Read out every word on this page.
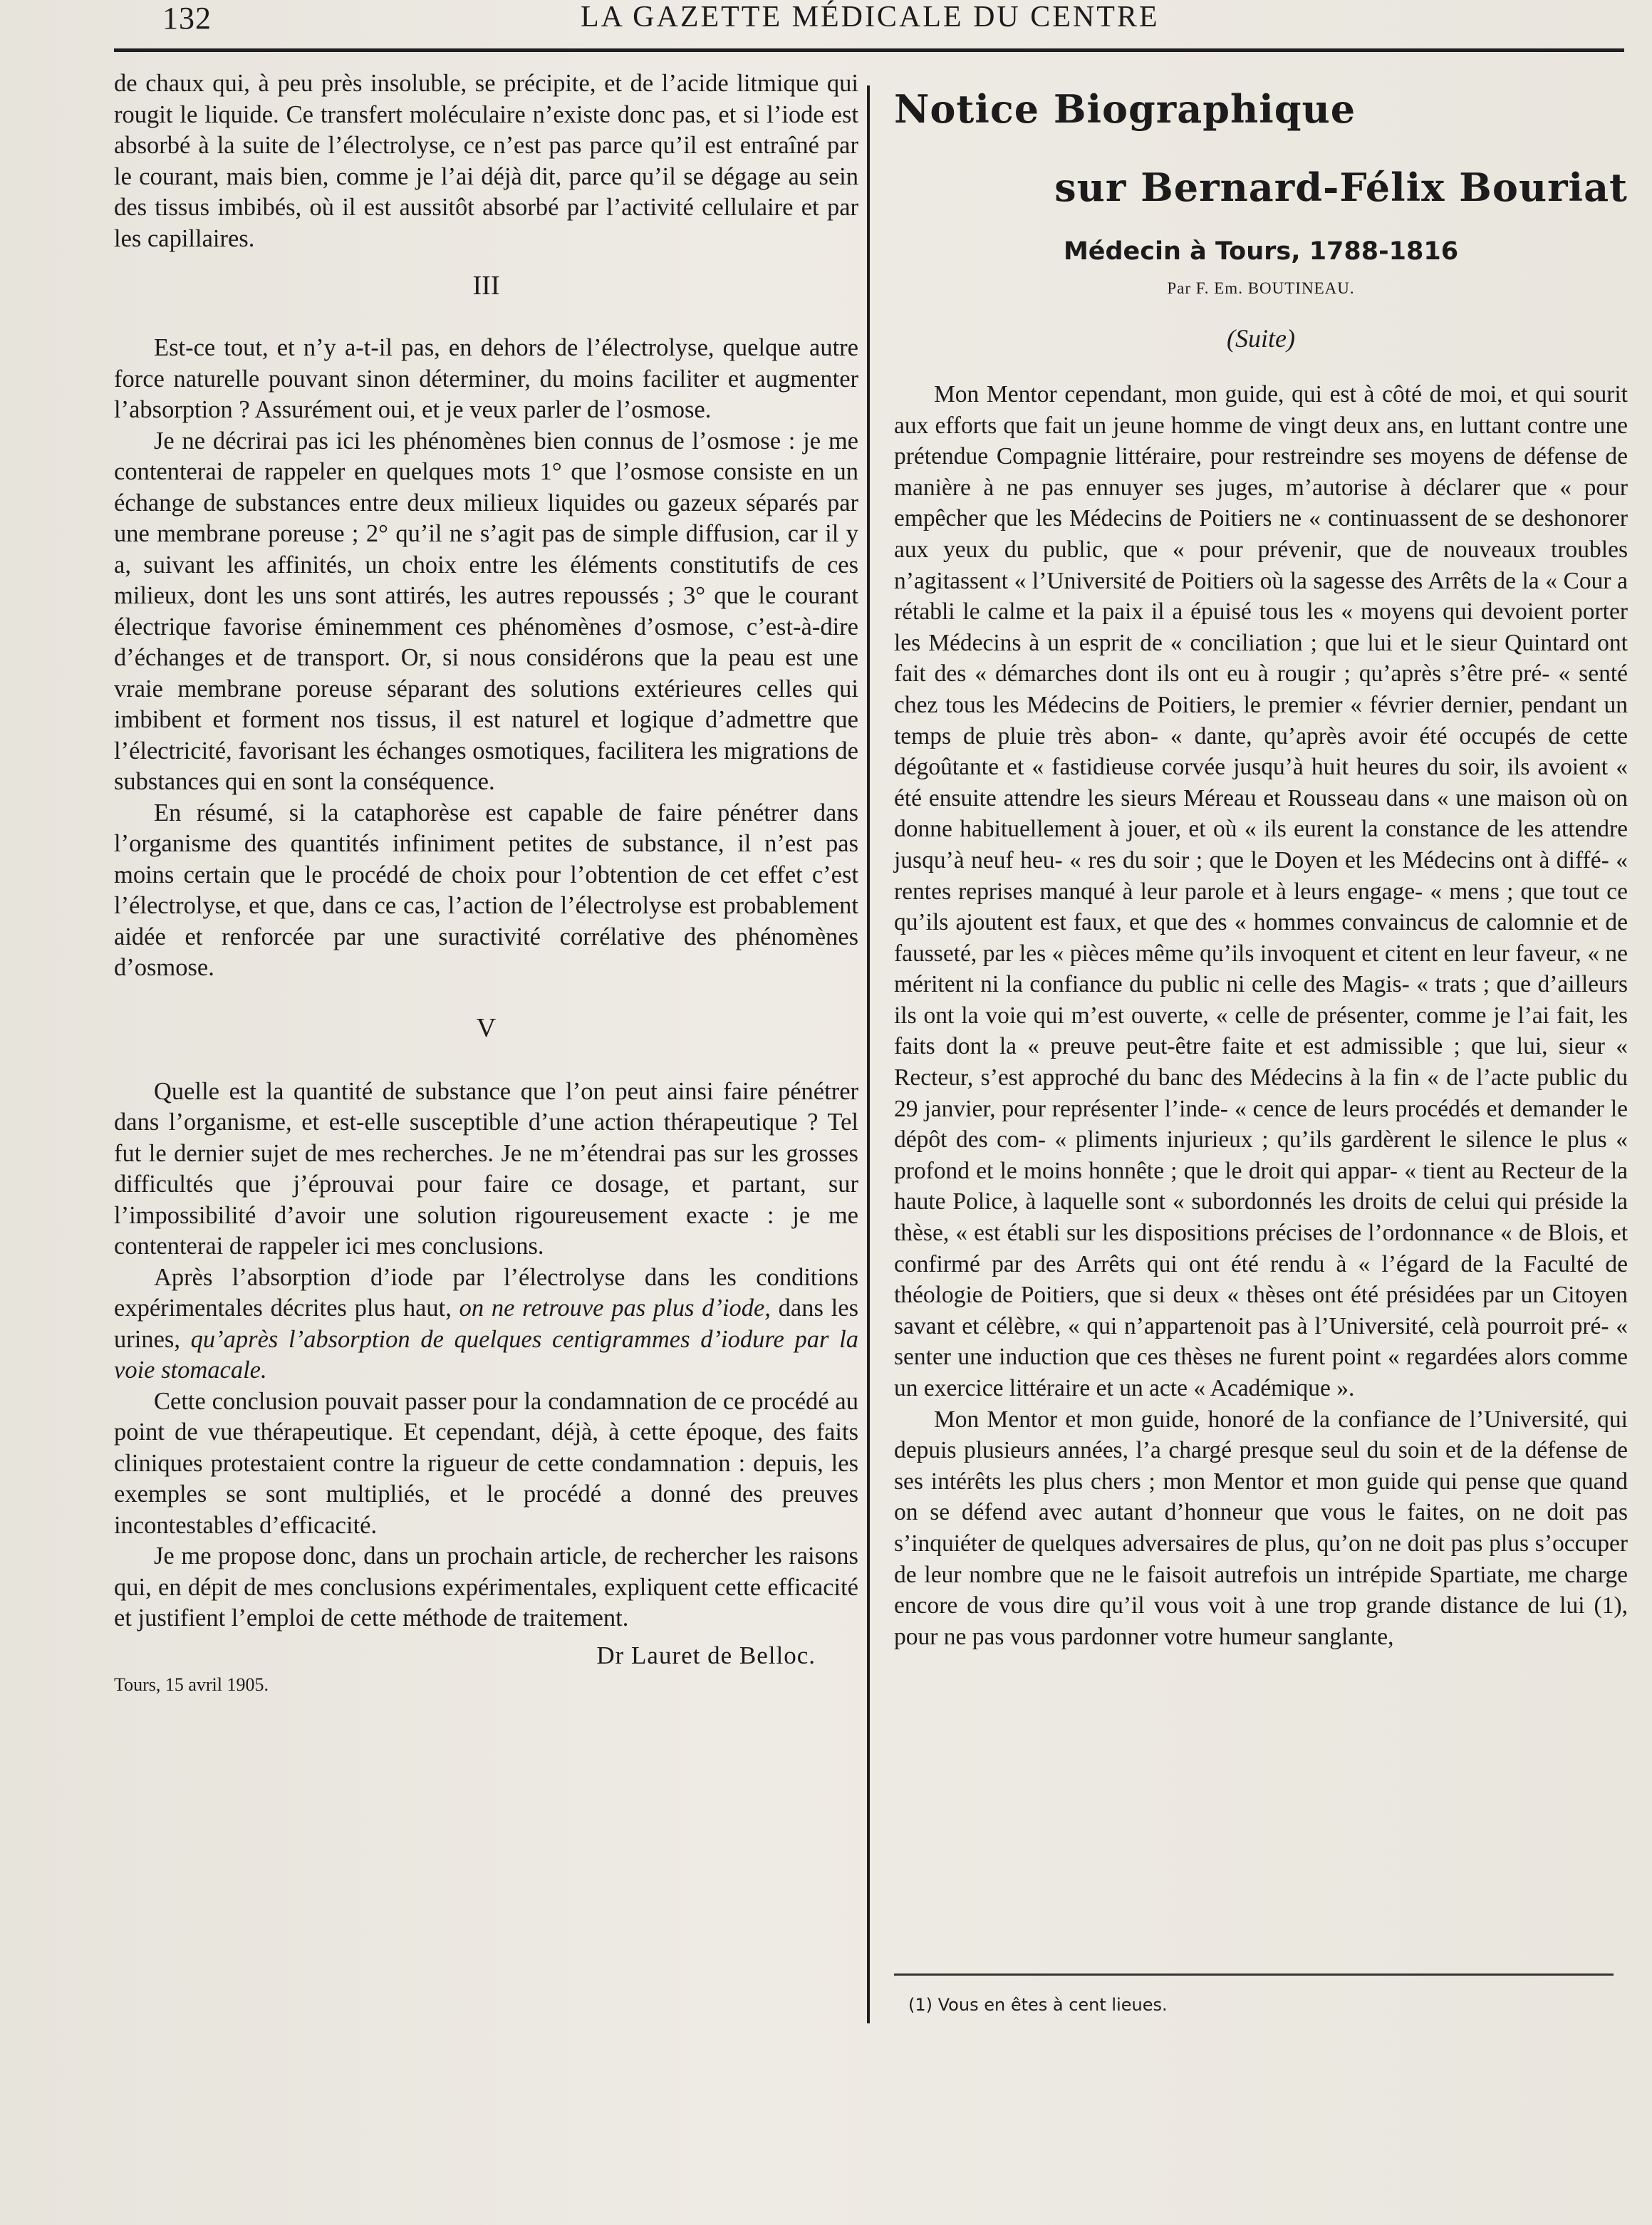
132	LA GAZETTE MÉDICALE DU CENTRE

de chaux qui, à peu près insoluble, se précipite, et de l’acide litmique qui rougit le liquide. Ce transfert moléculaire n’existe donc pas, et si l’iode est absorbé à la suite de l’électrolyse, ce n’est pas parce qu’il est entraîné par le courant, mais bien, comme je l’ai déjà dit, parce qu’il se dégage au sein des tissus imbibés, où il est aussitôt absorbé par l’activité cellulaire et par les capillaires.

III

Est-ce tout, et n’y a-t-il pas, en dehors de l’électrolyse, quelque autre force naturelle pouvant sinon déterminer, du moins faciliter et augmenter l’absorption ? Assurément oui, et je veux parler de l’osmose.

Je ne décrirai pas ici les phénomènes bien connus de l’osmose : je me contenterai de rappeler en quelques mots 1° que l’osmose consiste en un échange de substances entre deux milieux liquides ou gazeux séparés par une membrane poreuse ; 2° qu’il ne s’agit pas de simple diffusion, car il y a, suivant les affinités, un choix entre les éléments constitutifs de ces milieux, dont les uns sont attirés, les autres repoussés ; 3° que le courant électrique favorise éminemment ces phénomènes d’osmose, c’est-à-dire d’échanges et de transport. Or, si nous considérons que la peau est une vraie membrane poreuse séparant des solutions extérieures celles qui imbibent et forment nos tissus, il est naturel et logique d’admettre que l’électricité, favorisant les échanges osmotiques, facilitera les migrations de substances qui en sont la conséquence.

En résumé, si la cataphorèse est capable de faire pénétrer dans l’organisme des quantités infiniment petites de substance, il n’est pas moins certain que le procédé de choix pour l’obtention de cet effet c’est l’électrolyse, et que, dans ce cas, l’action de l’électrolyse est probablement aidée et renforcée par une suractivité corrélative des phénomènes d’osmose.

V

Quelle est la quantité de substance que l’on peut ainsi faire pénétrer dans l’organisme, et est-elle susceptible d’une action thérapeutique ? Tel fut le dernier sujet de mes recherches. Je ne m’étendrai pas sur les grosses difficultés que j’éprouvai pour faire ce dosage, et partant, sur l’impossibilité d’avoir une solution rigoureusement exacte : je me contenterai de rappeler ici mes conclusions.

Après l’absorption d’iode par l’électrolyse dans les conditions expérimentales décrites plus haut, on ne retrouve pas plus d’iode, dans les urines, qu’après l’absorption de quelques centigrammes d’iodure par la voie stomacale.

Cette conclusion pouvait passer pour la condamnation de ce procédé au point de vue thérapeutique. Et cependant, déjà, à cette époque, des faits cliniques protestaient contre la rigueur de cette condamnation : depuis, les exemples se sont multipliés, et le procédé a donné des preuves incontestables d’efficacité.

Je me propose donc, dans un prochain article, de rechercher les raisons qui, en dépit de mes conclusions expérimentales, expliquent cette efficacité et justifient l’emploi de cette méthode de traitement.

Dr Lauret de Belloc.
Tours, 15 avril 1905.
Notice Biographique
sur Bernard-Félix Bouriat
Médecin à Tours, 1788-1816
Par F. Em. BOUTINEAU.
(Suite)

Mon Mentor cependant, mon guide, qui est à côté de moi, et qui sourit aux efforts que fait un jeune homme de vingt deux ans, en luttant contre une prétendue Compagnie littéraire, pour restreindre ses moyens de défense de manière à ne pas ennuyer ses juges, m’autorise à déclarer que « pour empêcher que les Médecins de Poitiers ne « continuassent de se deshonorer aux yeux du public, que « pour prévenir, que de nouveaux troubles n’agitassent « l’Université de Poitiers où la sagesse des Arrêts de la « Cour a rétabli le calme et la paix il a épuisé tous les « moyens qui devoient porter les Médecins à un esprit de « conciliation ; que lui et le sieur Quintard ont fait des « démarches dont ils ont eu à rougir ; qu’après s’être pré- « senté chez tous les Médecins de Poitiers, le premier « février dernier, pendant un temps de pluie très abon- « dante, qu’après avoir été occupés de cette dégoûtante et « fastidieuse corvée jusqu’à huit heures du soir, ils avoient « été ensuite attendre les sieurs Méreau et Rousseau dans « une maison où on donne habituellement à jouer, et où « ils eurent la constance de les attendre jusqu’à neuf heu- « res du soir ; que le Doyen et les Médecins ont à diffé- « rentes reprises manqué à leur parole et à leurs engage- « mens ; que tout ce qu’ils ajoutent est faux, et que des « hommes convaincus de calomnie et de fausseté, par les « pièces même qu’ils invoquent et citent en leur faveur, « ne méritent ni la confiance du public ni celle des Magis- « trats ; que d’ailleurs ils ont la voie qui m’est ouverte, « celle de présenter, comme je l’ai fait, les faits dont la « preuve peut-être faite et est admissible ; que lui, sieur « Recteur, s’est approché du banc des Médecins à la fin « de l’acte public du 29 janvier, pour représenter l’inde- « cence de leurs procédés et demander le dépôt des com- « pliments injurieux ; qu’ils gardèrent le silence le plus « profond et le moins honnête ; que le droit qui appar- « tient au Recteur de la haute Police, à laquelle sont « subordonnés les droits de celui qui préside la thèse, « est établi sur les dispositions précises de l’ordonnance « de Blois, et confirmé par des Arrêts qui ont été rendu à « l’égard de la Faculté de théologie de Poitiers, que si deux « thèses ont été présidées par un Citoyen savant et célèbre, « qui n’appartenoit pas à l’Université, celà pourroit pré- « senter une induction que ces thèses ne furent point « regardées alors comme un exercice littéraire et un acte « Académique ».

Mon Mentor et mon guide, honoré de la confiance de l’Université, qui depuis plusieurs années, l’a chargé presque seul du soin et de la défense de ses intérêts les plus chers ; mon Mentor et mon guide qui pense que quand on se défend avec autant d’honneur que vous le faites, on ne doit pas s’inquiéter de quelques adversaires de plus, qu’on ne doit pas plus s’occuper de leur nombre que ne le faisoit autrefois un intrépide Spartiate, me charge encore de vous dire qu’il vous voit à une trop grande distance de lui (1), pour ne pas vous pardonner votre humeur sanglante,

(1) Vous en êtes à cent lieues.
